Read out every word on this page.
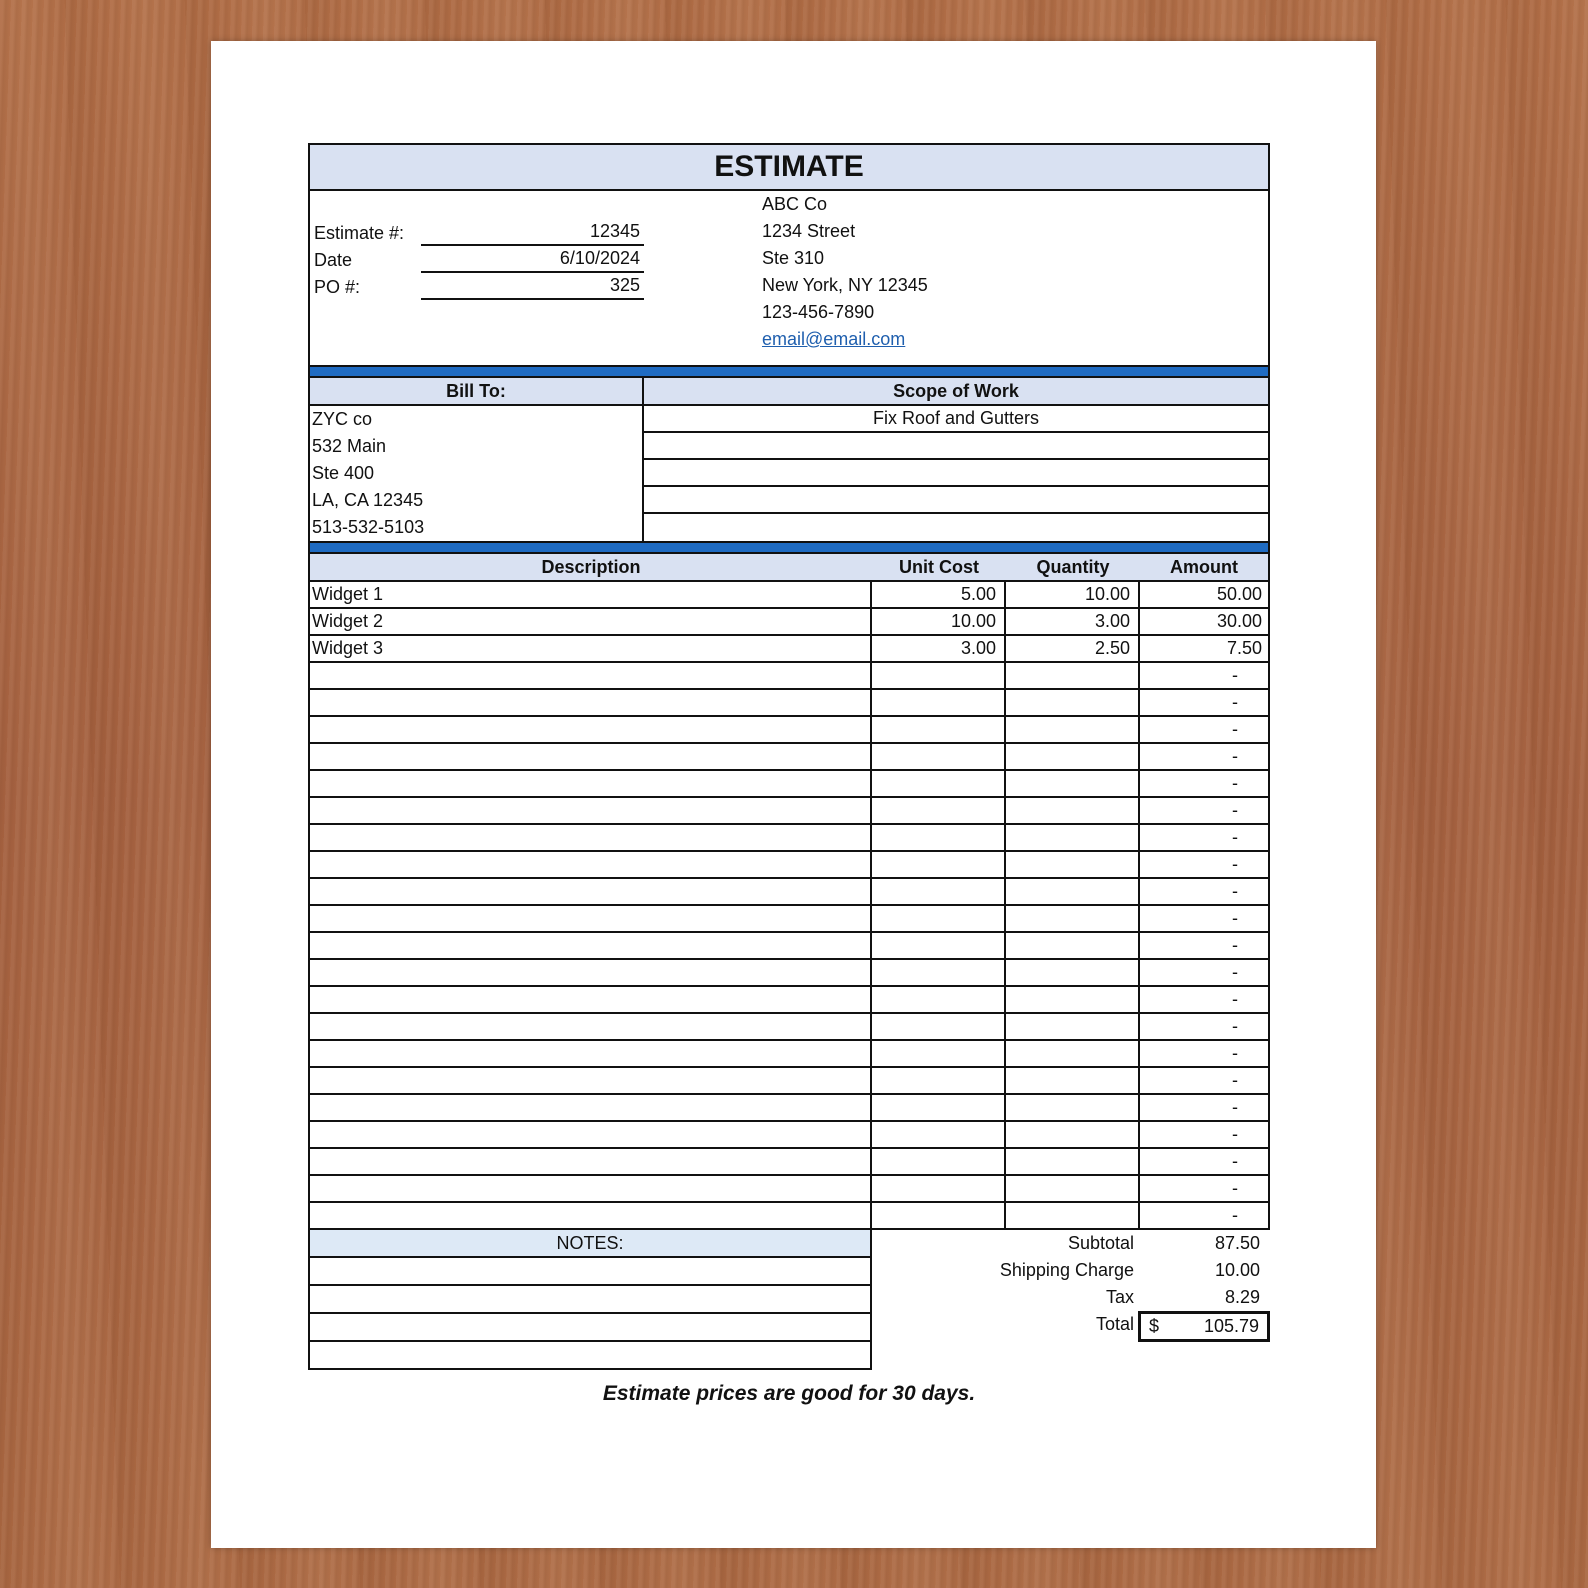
ESTIMATE
Estimate #:	12345
Date	6/10/2024
PO #:	325
ABC Co
1234 Street
Ste 310
New York, NY 12345
123-456-7890
email@email.com
Bill To:
ZYC co
532 Main
Ste 400
LA, CA 12345
513-532-5103
Scope of Work
Fix Roof and Gutters
Description	Unit Cost	Quantity	Amount
Widget 1	5.00	10.00	50.00
Widget 2	10.00	3.00	30.00
Widget 3	3.00	2.50	7.50
-
-
-
-
-
-
-
-
-
-
-
-
-
-
-
-
-
-
-
-
-
NOTES:	Subtotal	87.50
Shipping Charge	10.00
Tax	8.29
Total $ 105.79
Estimate prices are good for 30 days.
